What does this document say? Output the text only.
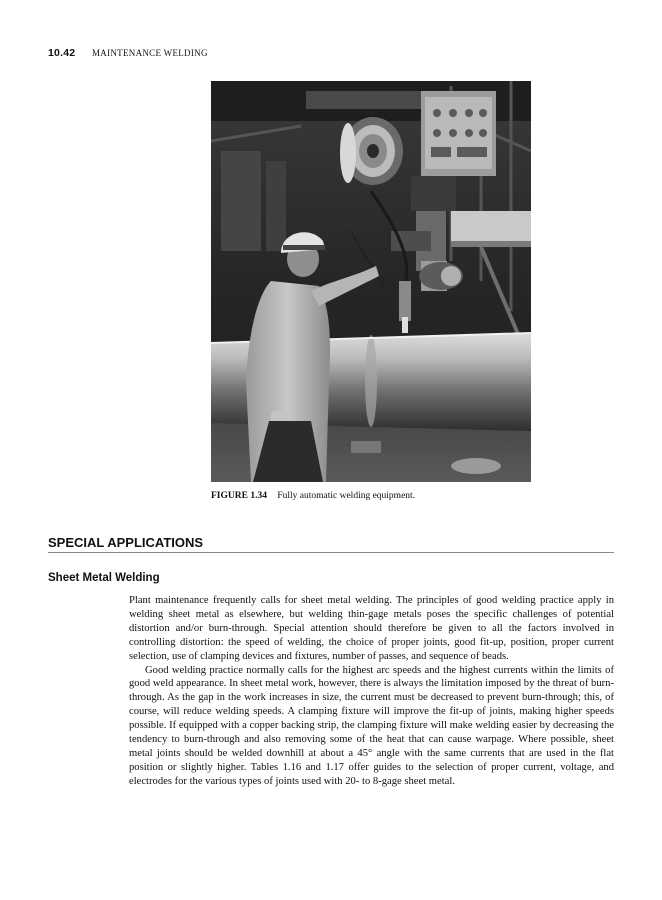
10.42 MAINTENANCE WELDING
FIGURE 1.34 Fully automatic welding equipment.
SPECIAL APPLICATIONS
Sheet Metal Welding

Plant maintenance frequently calls for sheet metal welding. The principles of good welding practice apply in welding sheet metal as elsewhere, but welding thin-gage metals poses the specific challenges of potential distortion and/or burn-through. Special attention should therefore be given to all the factors involved in controlling distortion: the speed of welding, the choice of proper joints, good fit-up, position, proper current selection, use of clamping devices and fixtures, number of passes, and sequence of beads.

Good welding practice normally calls for the highest arc speeds and the highest currents within the limits of good weld appearance. In sheet metal work, however, there is always the limitation imposed by the threat of burn-through. As the gap in the work increases in size, the current must be decreased to prevent burn-through; this, of course, will reduce welding speeds. A clamping fixture will improve the fit-up of joints, making higher speeds possible. If equipped with a copper backing strip, the clamping fixture will make welding easier by decreasing the tendency to burn-through and also removing some of the heat that can cause warpage. Where possible, sheet metal joints should be welded downhill at about a 45° angle with the same currents that are used in the flat position or slightly higher. Tables 1.16 and 1.17 offer guides to the selection of proper current, voltage, and electrodes for the various types of joints used with 20- to 8-gage sheet metal.
